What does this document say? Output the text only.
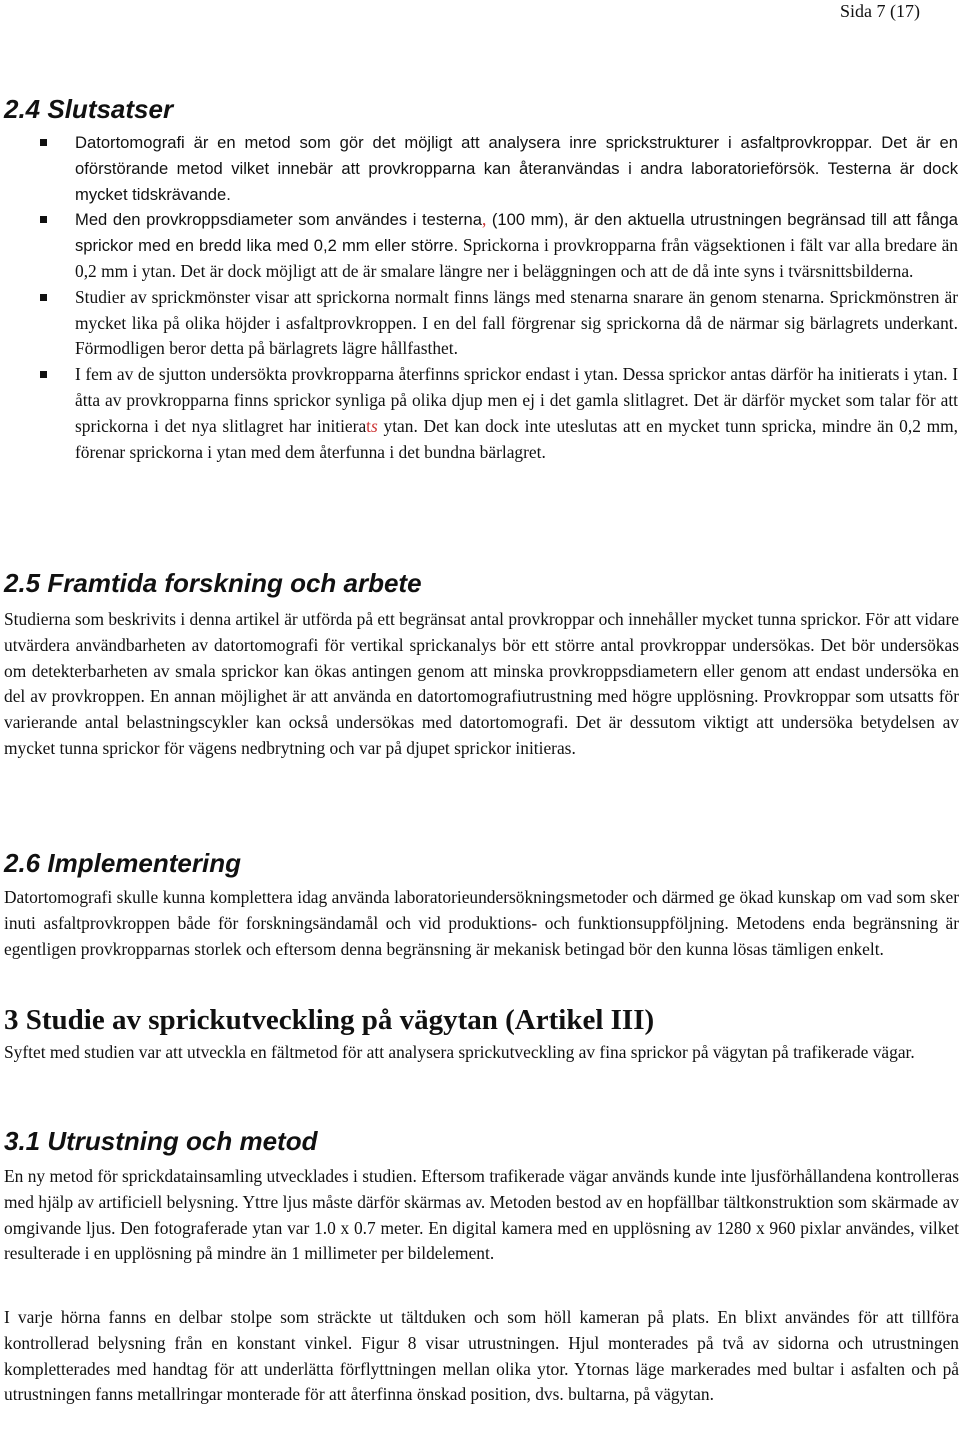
Sida 7 (17)
2.4 Slutsatser
Datortomografi är en metod som gör det möjligt att analysera inre sprickstrukturer i asfaltprovkroppar. Det är en oförstörande metod vilket innebär att provkropparna kan återanvändas i andra laboratorieförsök. Testerna är dock mycket tidskrävande.
Med den provkroppsdiameter som användes i testerna, (100 mm), är den aktuella utrustningen begränsad till att fånga sprickor med en bredd lika med 0,2 mm eller större. Sprickorna i provkropparna från vägsektionen i fält var alla bredare än 0,2 mm i ytan. Det är dock möjligt att de är smalare längre ner i beläggningen och att de då inte syns i tvärsnittsbilderna.
Studier av sprickmönster visar att sprickorna normalt finns längs med stenarna snarare än genom stenarna. Sprickmönstren är mycket lika på olika höjder i asfaltprovkroppen. I en del fall förgrenar sig sprickorna då de närmar sig bärlagrets underkant. Förmodligen beror detta på bärlagrets lägre hållfasthet.
I fem av de sjutton undersökta provkropparna återfinns sprickor endast i ytan. Dessa sprickor antas därför ha initierats i ytan. I åtta av provkropparna finns sprickor synliga på olika djup men ej i det gamla slitlagret. Det är därför mycket som talar för att sprickorna i det nya slitlagret har initierats ytan. Det kan dock inte uteslutas att en mycket tunn spricka, mindre än 0,2 mm, förenar sprickorna i ytan med dem återfunna i det bundna bärlagret.
2.5 Framtida forskning och arbete

Studierna som beskrivits i denna artikel är utförda på ett begränsat antal provkroppar och innehåller mycket tunna sprickor. För att vidare utvärdera användbarheten av datortomografi för vertikal sprickanalys bör ett större antal provkroppar undersökas. Det bör undersökas om detekterbarheten av smala sprickor kan ökas antingen genom att minska provkroppsdiametern eller genom att endast undersöka en del av provkroppen. En annan möjlighet är att använda en datortomografiutrustning med högre upplösning. Provkroppar som utsatts för varierande antal belastningscykler kan också undersökas med datortomografi. Det är dessutom viktigt att undersöka betydelsen av mycket tunna sprickor för vägens nedbrytning och var på djupet sprickor initieras.

2.6 Implementering

Datortomografi skulle kunna komplettera idag använda laboratorieundersökningsmetoder och därmed ge ökad kunskap om vad som sker inuti asfaltprovkroppen både för forskningsändamål och vid produktions- och funktionsuppföljning. Metodens enda begränsning är egentligen provkropparnas storlek och eftersom denna begränsning är mekanisk betingad bör den kunna lösas tämligen enkelt.

3 Studie av sprickutveckling på vägytan (Artikel III)

Syftet med studien var att utveckla en fältmetod för att analysera sprickutveckling av fina sprickor på vägytan på trafikerade vägar.

3.1 Utrustning och metod

En ny metod för sprickdatainsamling utvecklades i studien. Eftersom trafikerade vägar används kunde inte ljusförhållandena kontrolleras med hjälp av artificiell belysning. Yttre ljus måste därför skärmas av. Metoden bestod av en hopfällbar tältkonstruktion som skärmade av omgivande ljus. Den fotograferade ytan var 1.0 x 0.7 meter. En digital kamera med en upplösning av 1280 x 960 pixlar användes, vilket resulterade i en upplösning på mindre än 1 millimeter per bildelement.

I varje hörna fanns en delbar stolpe som sträckte ut tältduken och som höll kameran på plats. En blixt användes för att tillföra kontrollerad belysning från en konstant vinkel. Figur 8 visar utrustningen. Hjul monterades på två av sidorna och utrustningen kompletterades med handtag för att underlätta förflyttningen mellan olika ytor. Ytornas läge markerades med bultar i asfalten och på utrustningen fanns metallringar monterade för att återfinna önskad position, dvs. bultarna, på vägytan.
